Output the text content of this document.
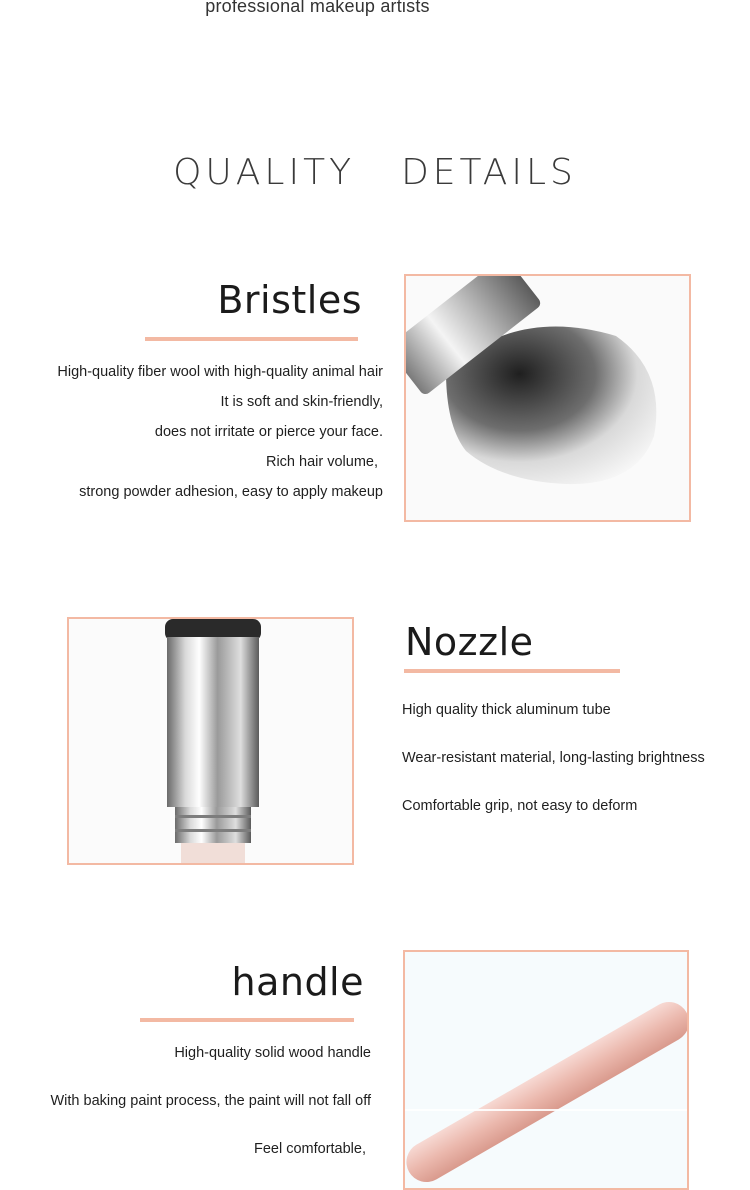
professional makeup artists
QUALITY DETAILS
Bristles
High-quality fiber wool with high-quality animal hair
It is soft and skin-friendly,
does not irritate or pierce your face.
Rich hair volume,
strong powder adhesion, easy to apply makeup
Nozzle
High quality thick aluminum tube
Wear-resistant material, long-lasting brightness
Comfortable grip, not easy to deform
handle
High-quality solid wood handle
With baking paint process, the paint will not fall off
Feel comfortable,
